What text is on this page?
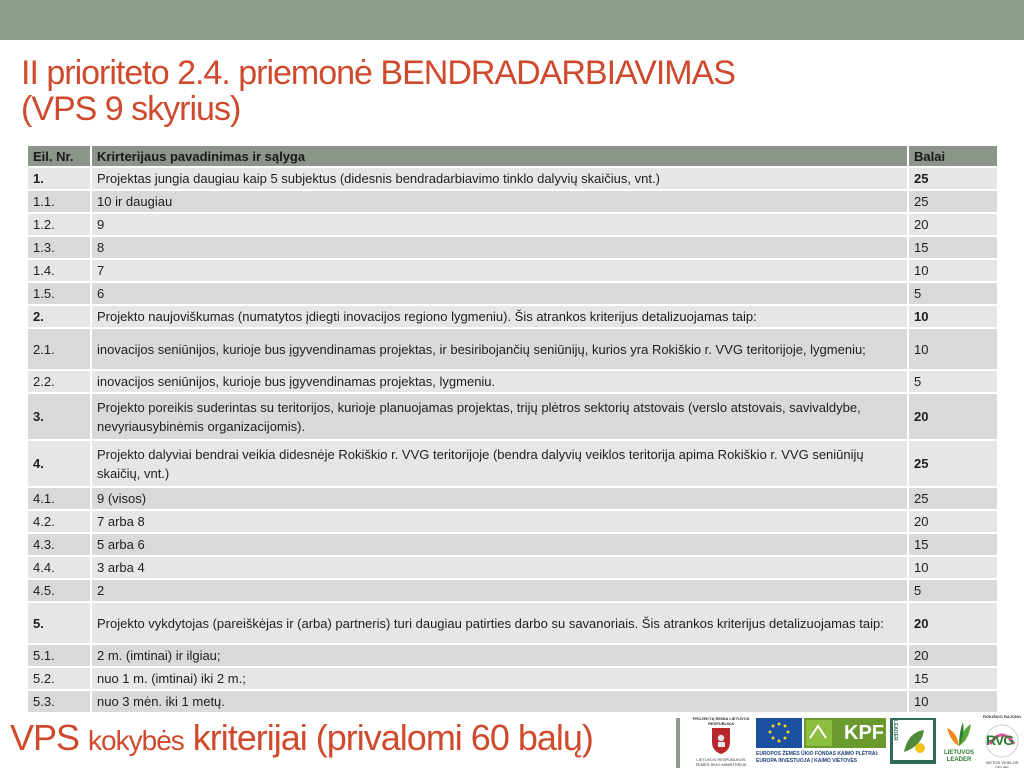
II prioriteto 2.4. priemonė BENDRADARBIAVIMAS
(VPS 9 skyrius)
Eil. Nr.	Krirterijaus pavadinimas ir sąlyga	Balai
1.	Projektas jungia daugiau kaip 5 subjektus (didesnis bendradarbiavimo tinklo dalyvių skaičius, vnt.)	25
1.1.	10 ir daugiau	25
1.2.	9	20
1.3.	8	15
1.4.	7	10
1.5.	6	5
2.	Projekto naujoviškumas (numatytos įdiegti inovacijos regiono lygmeniu). Šis atrankos kriterijus detalizuojamas taip:	10
2.1.	inovacijos seniūnijos, kurioje bus įgyvendinamas projektas, ir besiribojančių seniūnijų, kurios yra Rokiškio r. VVG teritorijoje, lygmeniu;	10
2.2.	inovacijos seniūnijos, kurioje bus įgyvendinamas projektas, lygmeniu.	5
3.	Projekto poreikis suderintas su teritorijos, kurioje planuojamas projektas, trijų plėtros sektorių atstovais (verslo atstovais, savivaldybe, nevyriausybinėmis organizacijomis).	20
4.	Projekto dalyviai bendrai veikia didesnėje Rokiškio r. VVG teritorijoje (bendra dalyvių veiklos teritorija apima Rokiškio r. VVG seniūnijų skaičių, vnt.)	25
4.1.	9 (visos)	25
4.2.	7 arba 8	20
4.3.	5 arba 6	15
4.4.	3 arba 4	10
4.5.	2	5
5.	Projekto vykdytojas (pareiškėjas ir (arba) partneris) turi daugiau patirties darbo su savanoriais. Šis atrankos kriterijus detalizuojamas taip:	20
5.1.	2 m. (imtinai) ir ilgiau;	20
5.2.	nuo 1 m. (imtinai) iki 2 m.;	15
5.3.	nuo 3 mėn. iki 1 metų.	10
VPS kokybės kriterijai (privalomi 60 balų)	PROJEKTĄ REMIA LIETUVOS RESPUBLIKA
LIETUVOS RESPUBLIKOS ŽEMĖS ŪKIO MINISTERIJA
KPF
EUROPOS ŽEMĖS ŪKIO FONDAS KAIMO PLĖTRAI:
EUROPA INVESTUOJA Į KAIMO VIETOVES
LEADER
LIETUVOS
LEADER
ROKIŠKIO RAJONO
RVG
VIETOS VEIKLOS GRUPĖ
